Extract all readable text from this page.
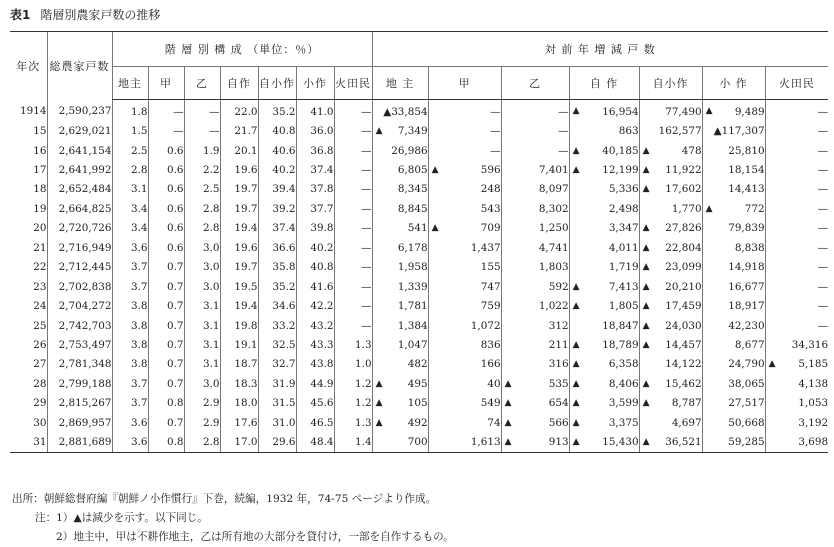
表1 階層別農家戸数の推移
年次	総農家戸数	階 層 別 構 成 （単位：％）							対 前 年 増 減 戸 数						
		地主	甲	乙	自作	自小作	小作	火田民	地 主	甲	乙	自 作	自小作	小 作	火田民
1914	2,590,237	1.8	—	—	22.0	35.2	41.0	—	▲33,854	—	—	▲ 16,954	77,490	▲ 9,489	—
15	2,629,021	1.5	—	—	21.7	40.8	36.0	—	▲ 7,349	—	—	863	162,577	▲117,307	—
16	2,641,154	2.5	0.6	1.9	20.1	40.6	36.8	—	26,986	—	—	▲ 40,185	▲ 478	25,810	—
17	2,641,992	2.8	0.6	2.2	19.6	40.2	37.4	—	6,805	▲ 596	7,401	▲ 12,199	▲ 11,922	18,154	—
18	2,652,484	3.1	0.6	2.5	19.7	39.4	37.8	—	8,345	248	8,097	5,336	▲ 17,602	14,413	—
19	2,664,825	3.4	0.6	2.8	19.7	39.2	37.7	—	8,845	543	8,302	2,498	1,770	▲ 772	—
20	2,720,726	3.4	0.6	2.8	19.4	37.4	39.8	—	541	▲ 709	1,250	3,347	▲ 27,826	79,839	—
21	2,716,949	3.6	0.6	3.0	19.6	36.6	40.2	—	6,178	1,437	4,741	4,011	▲ 22,804	8,838	—
22	2,712,445	3.7	0.7	3.0	19.7	35.8	40.8	—	1,958	155	1,803	1,719	▲ 23,099	14,918	—
23	2,702,838	3.7	0.7	3.0	19.5	35.2	41.6	—	1,339	747	592	▲ 7,413	▲ 20,210	16,677	—
24	2,704,272	3.8	0.7	3.1	19.4	34.6	42.2	—	1,781	759	1,022	▲ 1,805	▲ 17,459	18,917	—
25	2,742,703	3.8	0.7	3.1	19.8	33.2	43.2	—	1,384	1,072	312	18,847	▲ 24,030	42,230	—
26	2,753,497	3.8	0.7	3.1	19.1	32.5	43.3	1.3	1,047	836	211	▲ 18,789	▲ 14,457	8,677	34,316
27	2,781,348	3.8	0.7	3.1	18.7	32.7	43.8	1.0	482	166	316	▲ 6,358	14,122	24,790	▲ 5,185
28	2,799,188	3.7	0.7	3.0	18.3	31.9	44.9	1.2	▲ 495	40	▲ 535	▲ 8,406	▲ 15,462	38,065	4,138
29	2,815,267	3.7	0.8	2.9	18.0	31.5	45.6	1.2	▲ 105	549	▲ 654	▲ 3,599	▲ 8,787	27,517	1,053
30	2,869,957	3.6	0.7	2.9	17.6	31.0	46.5	1.3	▲ 492	74	▲ 566	▲ 3,375	4,697	50,668	3,192
31	2,881,689	3.6	0.8	2.8	17.0	29.6	48.4	1.4	700	1,613	▲ 913	▲ 15,430	▲ 36,521	59,285	3,698
出所：朝鮮総督府編『朝鮮ノ小作慣行』下巻，続編，1932 年，74-75 ページより作成。
注：1）▲は減少を示す。以下同じ。
2）地主中，甲は不耕作地主，乙は所有地の大部分を貸付け，一部を自作するもの。
